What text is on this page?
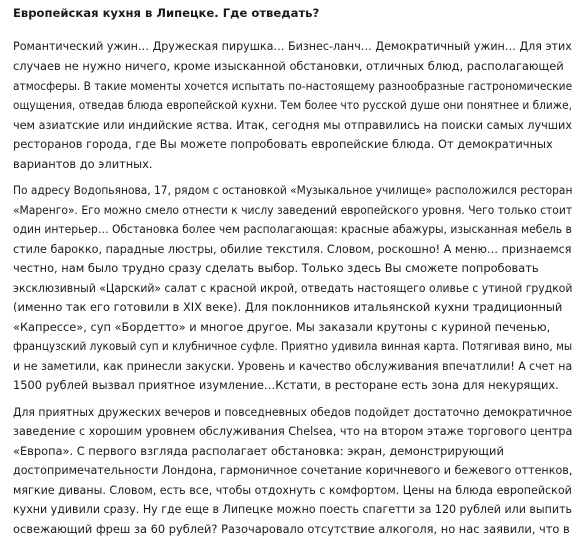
Европейская кухня в Липецке. Где отведать?
Романтический ужин… Дружеская пирушка… Бизнес-ланч… Демократичный ужин… Для этих
случаев не нужно ничего, кроме изысканной обстановки, отличных блюд, располагающей
атмосферы. В такие моменты хочется испытать по-настоящему разнообразные гастрономические
ощущения, отведав блюда европейской кухни. Тем более что русской душе они понятнее и ближе,
чем азиатские или индийские яства. Итак, сегодня мы отправились на поиски самых лучших
ресторанов города, где Вы можете попробовать европейские блюда. От демократичных
вариантов до элитных.
По адресу Водопьянова, 17, рядом с остановкой «Музыкальное училище» расположился ресторан
«Маренго». Его можно смело отнести к числу заведений европейского уровня. Чего только стоит
один интерьер… Обстановка более чем располагающая: красные абажуры, изысканная мебель в
стиле барокко, парадные люстры, обилие текстиля. Словом, роскошно! А меню… признаемся
честно, нам было трудно сразу сделать выбор. Только здесь Вы сможете попробовать
эксклюзивный «Царский» салат с красной икрой, отведать настоящего оливье с утиной грудкой
(именно так его готовили в XIX веке). Для поклонников итальянской кухни традиционный
«Капрессе», суп «Бордетто» и многое другое. Мы заказали крутоны с куриной печенью,
французский луковый суп и клубничное суфле. Приятно удивила винная карта. Потягивая вино, мы
и не заметили, как принесли закуски. Уровень и качество обслуживания впечатлили! А счет на
1500 рублей вызвал приятное изумление…Кстати, в ресторане есть зона для некурящих.
Для приятных дружеских вечеров и повседневных обедов подойдет достаточно демократичное
заведение с хорошим уровнем обслуживания Chelsea, что на втором этаже торгового центра
«Европа». С первого взгляда располагает обстановка: экран, демонстрирующий
достопримечательности Лондона, гармоничное сочетание коричневого и бежевого оттенков,
мягкие диваны. Словом, есть все, чтобы отдохнуть с комфортом. Цены на блюда европейской
кухни удивили сразу. Ну где еще в Липецке можно поесть спагетти за 120 рублей или выпить
освежающий фреш за 60 рублей? Разочаровало отсутствие алкоголя, но нас заявили, что в
